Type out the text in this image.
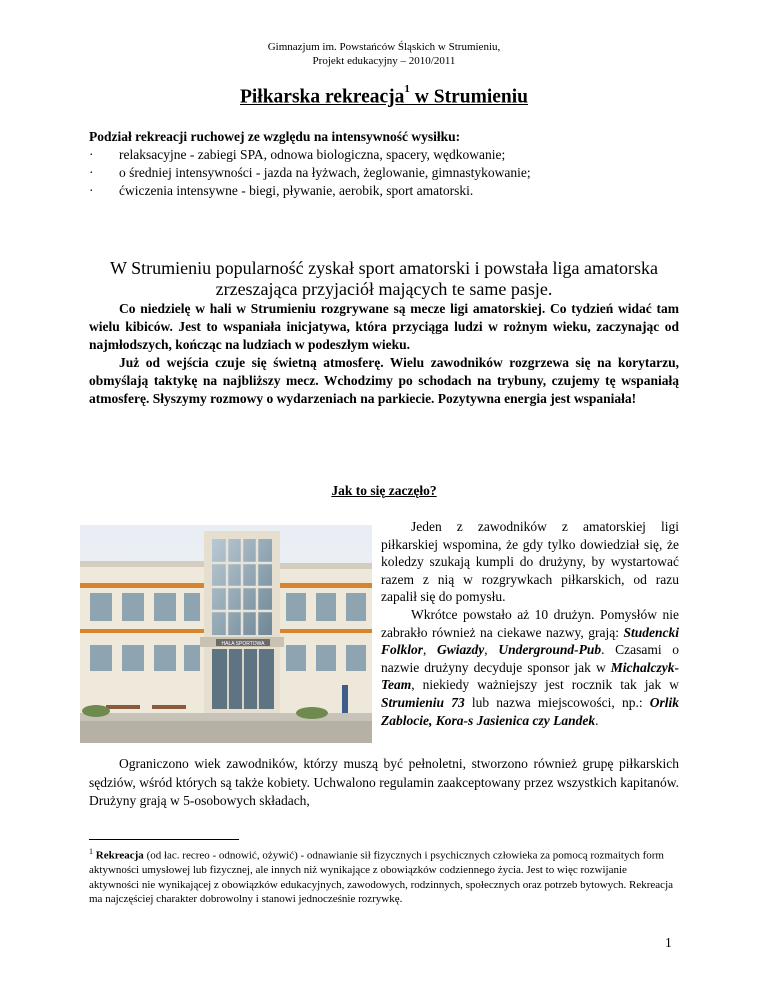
Gimnazjum im. Powstańców Śląskich w Strumieniu,
Projekt edukacyjny – 2010/2011
Piłkarska rekreacja$^1$ w Strumieniu
Podział rekreacji ruchowej ze względu na intensywność wysiłku:
· relaksacyjne - zabiegi SPA, odnowa biologiczna, spacery, wędkowanie;
· o średniej intensywności - jazda na łyżwach, żeglowanie, gimnastykowanie;
· ćwiczenia intensywne - biegi, pływanie, aerobik, sport amatorski.
W Strumieniu popularność zyskał sport amatorski i powstała liga amatorska
zrzeszająca przyjaciół mających te same pasje.

Co niedzielę w hali w Strumieniu rozgrywane są mecze ligi amatorskiej. Co tydzień widać tam wielu kibiców. Jest to wspaniała inicjatywa, która przyciąga ludzi w rożnym wieku, zaczynając od najmłodszych, kończąc na ludziach w podeszłym wieku.

Już od wejścia czuje się świetną atmosferę. Wielu zawodników rozgrzewa się na korytarzu, obmyślają taktykę na najbliższy mecz. Wchodzimy po schodach na trybuny, czujemy tę wspaniałą atmosferę. Słyszymy rozmowy o wydarzeniach na parkiecie. Pozytywna energia jest wspaniała!

Jak to się zaczęło?
HALA SPORTOWA

Jeden z zawodników z amatorskiej ligi piłkarskiej wspomina, że gdy tylko dowiedział się, że koledzy szukają kumpli do drużyny, by wystartować razem z nią w rozgrywkach piłkarskich, od razu zapalił się do pomysłu.

Wkrótce powstało aż 10 drużyn. Pomysłów nie zabrakło również na ciekawe nazwy, grają: Studencki Folklor, Gwiazdy, Underground-Pub. Czasami o nazwie drużyny decyduje sponsor jak w Michalczyk-Team, niekiedy ważniejszy jest rocznik tak jak w Strumieniu 73 lub nazwa miejscowości, np.: Orlik Zablocie, Kora-s Jasienica czy Landek.

Ograniczono wiek zawodników, którzy muszą być pełnoletni, stworzono również grupę piłkarskich sędziów, wśród których są także kobiety. Uchwalono regulamin zaakceptowany przez wszystkich kapitanów. Drużyny grają w 5-osobowych składach,

$^1$ Rekreacja (od łac. recreo - odnowić, ożywić) - odnawianie sił fizycznych i psychicznych człowieka za pomocą rozmaitych form aktywności umysłowej lub fizycznej, ale innych niż wynikające z obowiązków codziennego życia. Jest to więc rozwijanie aktywności nie wynikającej z obowiązków edukacyjnych, zawodowych, rodzinnych, społecznych oraz potrzeb bytowych. Rekreacja ma najczęściej charakter dobrowolny i stanowi jednocześnie rozrywkę.
1
